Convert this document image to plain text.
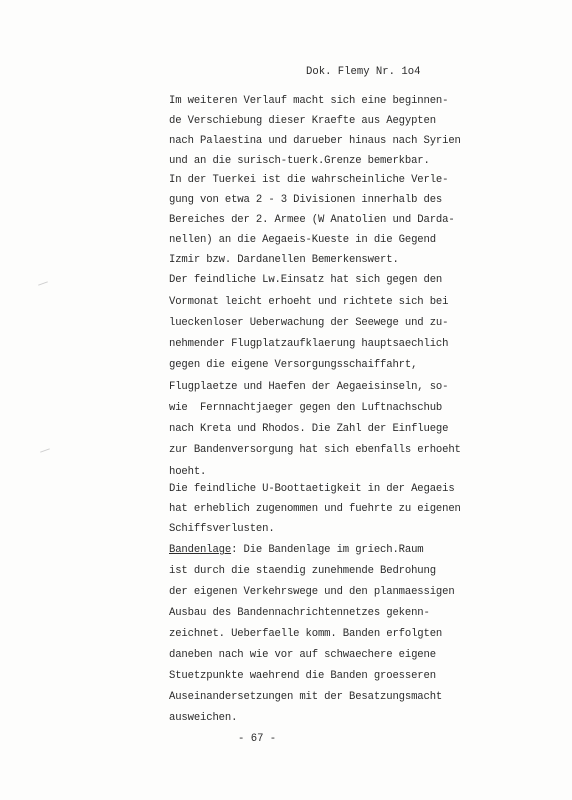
Dok. Flemy Nr. 1o4

Im weiteren Verlauf macht sich eine beginnen-

de Verschiebung dieser Kraefte aus Aegypten

nach Palaestina und darueber hinaus nach Syrien

und an die surisch-tuerk.Grenze bemerkbar.

In der Tuerkei ist die wahrscheinliche Verle-

gung von etwa 2 - 3 Divisionen innerhalb des

Bereiches der 2. Armee (W Anatolien und Darda-

nellen) an die Aegaeis-Kueste in die Gegend

Izmir bzw. Dardanellen Bemerkenswert.

Der feindliche Lw.Einsatz hat sich gegen den

Vormonat leicht erhoeht und richtete sich bei

lueckenloser Ueberwachung der Seewege und zu-

nehmender Flugplatzaufklaerung hauptsaechlich

gegen die eigene Versorgungsschaiffahrt,

Flugplaetze und Haefen der Aegaeisinseln, so-

wie  Fernnachtjaeger gegen den Luftnachschub

nach Kreta und Rhodos. Die Zahl der Einfluege

zur Bandenversorgung hat sich ebenfalls erhoeht

hoeht.

Die feindliche U-Boottaetigkeit in der Aegaeis

hat erheblich zugenommen und fuehrte zu eigenen

Schiffsverlusten.

Bandenlage: Die Bandenlage im griech.Raum

ist durch die staendig zunehmende Bedrohung

der eigenen Verkehrswege und den planmaessigen

Ausbau des Bandennachrichtennetzes gekenn-

zeichnet. Ueberfaelle komm. Banden erfolgten

daneben nach wie vor auf schwaechere eigene

Stuetzpunkte waehrend die Banden groesseren

Auseinandersetzungen mit der Besatzungsmacht

ausweichen.

- 67 -
